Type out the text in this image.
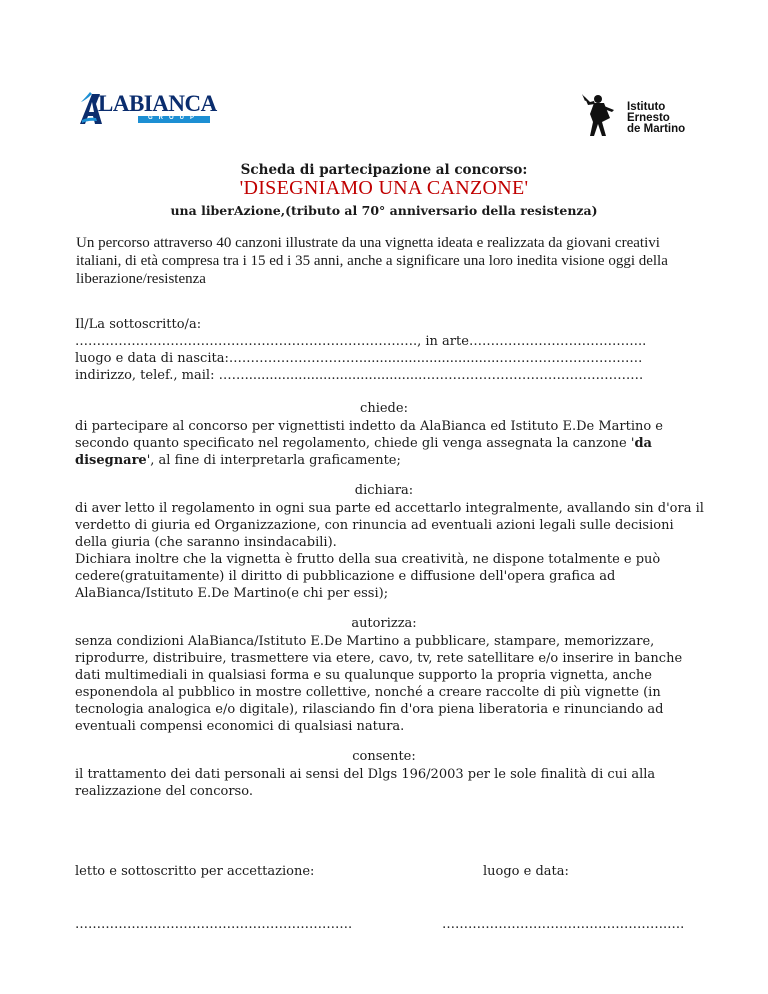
LABIANCA
GROUP
Istituto
Ernesto
de Martino
Scheda di partecipazione al concorso:
'DISEGNIAMO UNA CANZONE'
una liberAzione,(tributo al 70° anniversario della resistenza)
Un percorso attraverso 40 canzoni illustrate da una vignetta ideata e realizzata da giovani creativi italiani, di età compresa tra i 15 ed i 35 anni, anche a significare una loro inedita visione oggi della liberazione/resistenza
Il/La sottoscritto/a:
……………………………………………………………………., in arte…………………………………..
luogo e data di nascita:…………………………..................................……………………………
indirizzo, telef., mail: ……...........................................……………………………………………
chiede:

di partecipare al concorso per vignettisti indetto da AlaBianca ed Istituto E.De Martino e secondo quanto specificato nel regolamento, chiede gli venga assegnata la canzone 'da disegnare', al fine di interpretarla graficamente;

dichiara:

di aver letto il regolamento in ogni sua parte ed accettarlo integralmente, avallando sin d'ora il verdetto di giuria ed Organizzazione, con rinuncia ad eventuali azioni legali sulle decisioni della giuria (che saranno insindacabili).

Dichiara inoltre che la vignetta è frutto della sua creatività, ne dispone totalmente e può cedere(gratuitamente) il diritto di pubblicazione e diffusione dell'opera grafica ad AlaBianca/Istituto E.De Martino(e chi per essi);

autorizza:
senza condizioni AlaBianca/Istituto E.De Martino a pubblicare, stampare, memorizzare, riprodurre, distribuire, trasmettere via etere, cavo, tv, rete satellitare e/o inserire in banche dati multimediali in qualsiasi forma e su qualunque supporto la propria vignetta, anche esponendola al pubblico in mostre collettive, nonché a creare raccolte di più vignette (in tecnologia analogica e/o digitale), rilasciando fin d'ora piena liberatoria e rinunciando ad eventuali compensi economici di qualsiasi natura.
consente:
il trattamento dei dati personali ai sensi del Dlgs 196/2003 per le sole finalità di cui alla realizzazione del concorso.
letto e sottoscritto per accettazione:	luogo e data:
……………………………………………………….	…………………………………………….….
